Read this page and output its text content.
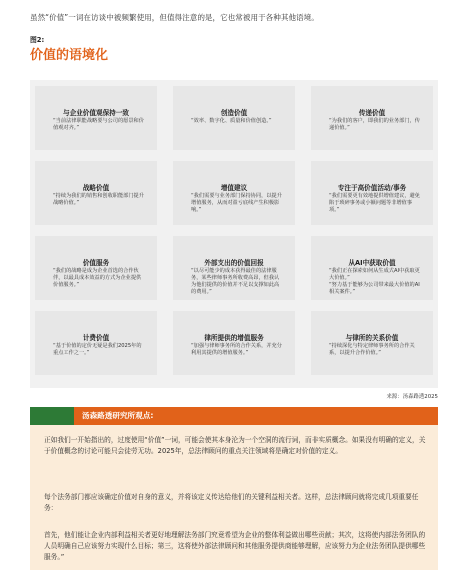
虽然“价值”一词在访谈中被频繁使用，但值得注意的是，它也常被用于各种其他语境。
图2:
价值的语境化
与企业价值观保持一致
“当前法律职能战略要与公司的愿景和价值观对齐。”
创造价值
“效率、数字化、质量和价值创造。”
传递价值
“为我们的客户，即我们的业务部门，传递价值。”
战略价值
“持续为我们的销售和创收职能部门提升战略价值。”
增值建议
“我们需要与业务部门保持协同，以提升增值服务，从而对盈亏底线产生积极影响。”
专注于高价值活动/事务
“我们需要更有效地提供增值建议，避免陷于琐碎事务或小额问题等非增值事项。”
价值服务
“我们的战略是成为企业首选的合作伙伴，以最具成本效益的方式为企业提供价值服务。”
外部支出的价值回报
“以尽可能少的成本获得最佳的法律服务，某些律师事务所收费高昂，但我认为他们提供的价值并不足以支撑如此高的费用。”
从AI中获取价值
“我们正在探索如何从生成式AI中获取更大价值。”
“努力基于能够为公司带来最大价值的AI相关案件。”
计费价值
“基于价值的定价无疑是我们2025年的重点工作之一。”
律所提供的增值服务
“加强与律师事务所的合作关系，并充分利用其提供的增值服务。”
与律所的关系价值
“持续深化与特定律师事务所的合作关系，以提升合作价值。”
来源：汤森路透2025
汤森路透研究所观点:
正如我们一开始指出的，过度使用“价值”一词，可能会使其本身沦为一个空洞的流行词，而非实质概念。如果没有明确的定义，关于价值概念的讨论可能只会徒劳无功。2025年，总法律顾问的重点关注领域将是确定对价值的定义。
每个法务部门都应该确定价值对自身的意义，并将该定义传达给他们的关键利益相关者。这样，总法律顾问就将完成几项重要任务：
首先，他们能让企业内部利益相关者更好地理解法务部门究竟希望为企业的整体利益做出哪些贡献；其次，这将使内部法务团队的人员明确自己应该努力实现什么目标；第三，这将使外部法律顾问和其他服务提供商能够理解，应该努力为企业法务团队提供哪些服务。”
